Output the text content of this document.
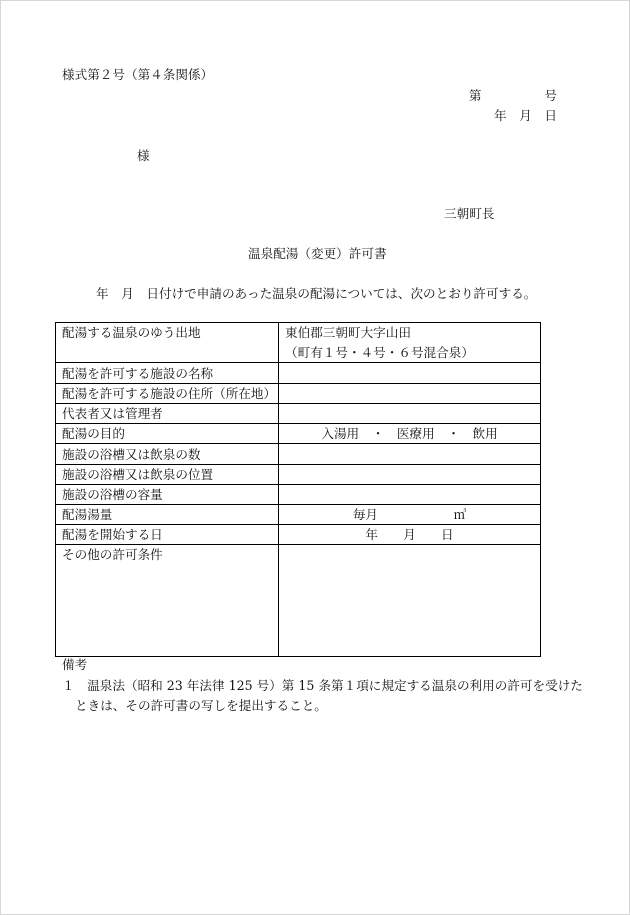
様式第２号（第４条関係）
第　　　　　号
年　月　日
様
三朝町長
温泉配湯（変更）許可書
年　月　日付けで申請のあった温泉の配湯については、次のとおり許可する。
配湯する温泉のゆう出地	東伯郡三朝町大字山田
（町有１号・４号・６号混合泉）
配湯を許可する施設の名称
配湯を許可する施設の住所（所在地）
代表者又は管理者
配湯の目的	入湯用　・　医療用　・　飲用
施設の浴槽又は飲泉の数
施設の浴槽又は飲泉の位置
施設の浴槽の容量
配湯湯量	毎月　　　　　　㎥
配湯を開始する日	年　　月　　日
その他の許可条件
備考
１ 温泉法（昭和 23 年法律 125 号）第 15 条第１項に規定する温泉の利用の許可を受けた
ときは、その許可書の写しを提出すること。
